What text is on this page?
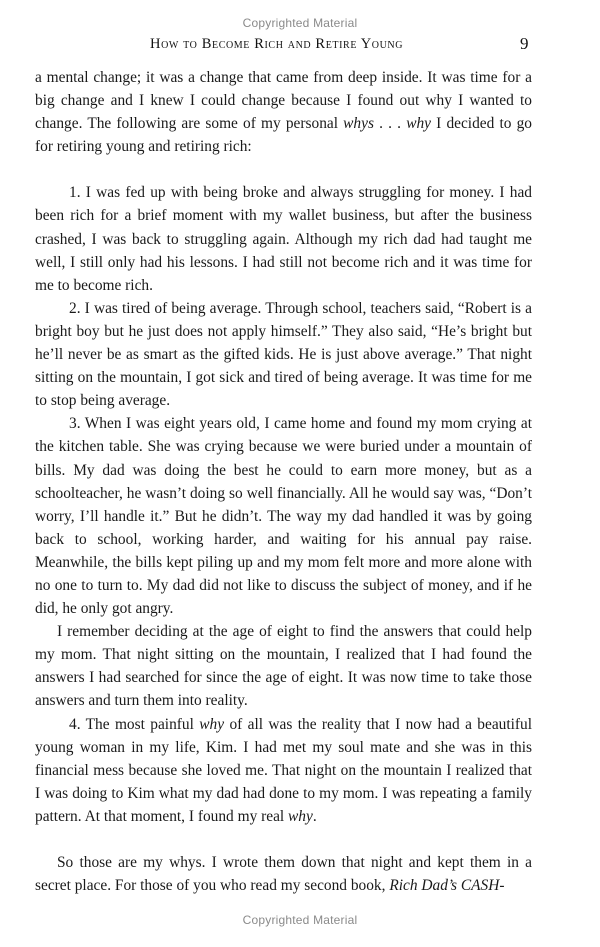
Copyrighted Material
How to Become Rich and Retire Young	9

a mental change; it was a change that came from deep inside. It was time for a big change and I knew I could change because I found out why I wanted to change. The following are some of my personal whys . . . why I decided to go for retiring young and retiring rich:

1. I was fed up with being broke and always struggling for money. I had been rich for a brief moment with my wallet business, but after the business crashed, I was back to struggling again. Although my rich dad had taught me well, I still only had his lessons. I had still not become rich and it was time for me to become rich.

2. I was tired of being average. Through school, teachers said, “Robert is a bright boy but he just does not apply himself.” They also said, “He’s bright but he’ll never be as smart as the gifted kids. He is just above average.” That night sitting on the mountain, I got sick and tired of being average. It was time for me to stop being average.

3. When I was eight years old, I came home and found my mom crying at the kitchen table. She was crying because we were buried under a mountain of bills. My dad was doing the best he could to earn more money, but as a schoolteacher, he wasn’t doing so well financially. All he would say was, “Don’t worry, I’ll handle it.” But he didn’t. The way my dad handled it was by going back to school, working harder, and waiting for his annual pay raise. Meanwhile, the bills kept piling up and my mom felt more and more alone with no one to turn to. My dad did not like to discuss the subject of money, and if he did, he only got angry.

I remember deciding at the age of eight to find the answers that could help my mom. That night sitting on the mountain, I realized that I had found the answers I had searched for since the age of eight. It was now time to take those answers and turn them into reality.

4. The most painful why of all was the reality that I now had a beautiful young woman in my life, Kim. I had met my soul mate and she was in this financial mess because she loved me. That night on the mountain I realized that I was doing to Kim what my dad had done to my mom. I was repeating a family pattern. At that moment, I found my real why.

So those are my whys. I wrote them down that night and kept them in a secret place. For those of you who read my second book, Rich Dad’s CASH-

Copyrighted Material
